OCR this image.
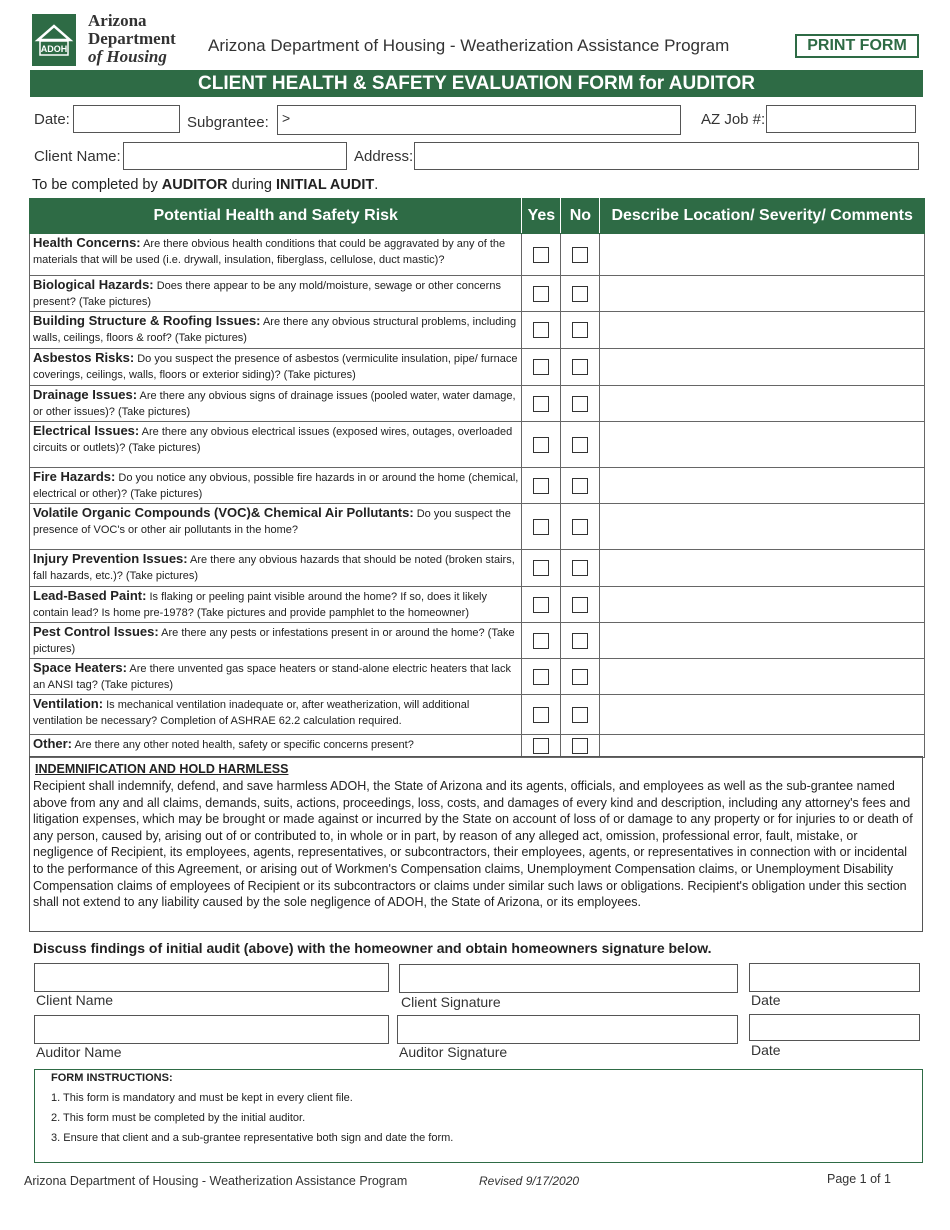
ADOH
Arizona
Department
of Housing
Arizona Department of Housing - Weatherization Assistance Program	PRINT FORM
CLIENT HEALTH & SAFETY EVALUATION FORM for AUDITOR
Date:	Subgrantee: >	AZ Job #:
Client Name:	Address:
To be completed by AUDITOR during INITIAL AUDIT.
Potential Health and Safety Risk	Yes	No	Describe Location/ Severity/ Comments
Health Concerns: Are there obvious health conditions that could be aggravated by any of the materials that will be used (i.e. drywall, insulation, fiberglass, cellulose, duct mastic)?			
Biological Hazards: Does there appear to be any mold/moisture, sewage or other concerns present? (Take pictures)			
Building Structure & Roofing Issues: Are there any obvious structural problems, including walls, ceilings, floors & roof? (Take pictures)			
Asbestos Risks: Do you suspect the presence of asbestos (vermiculite insulation, pipe/ furnace coverings, ceilings, walls, floors or exterior siding)? (Take pictures)			
Drainage Issues: Are there any obvious signs of drainage issues (pooled water, water damage, or other issues)? (Take pictures)			
Electrical Issues: Are there any obvious electrical issues (exposed wires, outages, overloaded circuits or outlets)? (Take pictures)			
Fire Hazards: Do you notice any obvious, possible fire hazards in or around the home (chemical, electrical or other)? (Take pictures)			
Volatile Organic Compounds (VOC)& Chemical Air Pollutants: Do you suspect the presence of VOC's or other air pollutants in the home?			
Injury Prevention Issues: Are there any obvious hazards that should be noted (broken stairs, fall hazards, etc.)? (Take pictures)			
Lead-Based Paint: Is flaking or peeling paint visible around the home? If so, does it likely contain lead? Is home pre-1978? (Take pictures and provide pamphlet to the homeowner)			
Pest Control Issues: Are there any pests or infestations present in or around the home? (Take pictures)			
Space Heaters: Are there unvented gas space heaters or stand-alone electric heaters that lack an ANSI tag? (Take pictures)			
Ventilation: Is mechanical ventilation inadequate or, after weatherization, will additional ventilation be necessary? Completion of ASHRAE 62.2 calculation required.			
Other: Are there any other noted health, safety or specific concerns present?			
INDEMNIFICATION AND HOLD HARMLESS
Recipient shall indemnify, defend, and save harmless ADOH, the State of Arizona and its agents, officials, and employees as well as the sub-grantee named above from any and all claims, demands, suits, actions, proceedings, loss, costs, and damages of every kind and description, including any attorney's fees and litigation expenses, which may be brought or made against or incurred by the State on account of loss of or damage to any property or for injuries to or death of any person, caused by, arising out of or contributed to, in whole or in part, by reason of any alleged act, omission, professional error, fault, mistake, or negligence of Recipient, its employees, agents, representatives, or subcontractors, their employees, agents, or representatives in connection with or incidental to the performance of this Agreement, or arising out of Workmen's Compensation claims, Unemployment Compensation claims, or Unemployment Disability Compensation claims of employees of Recipient or its subcontractors or claims under similar such laws or obligations. Recipient's obligation under this section shall not extend to any liability caused by the sole negligence of ADOH, the State of Arizona, or its employees.
Discuss findings of initial audit (above) with the homeowner and obtain homeowners signature below.
Client Name	Client Signature	Date
Auditor Name	Auditor Signature	Date
FORM INSTRUCTIONS:
1. This form is mandatory and must be kept in every client file.
2. This form must be completed by the initial auditor.
3. Ensure that client and a sub-grantee representative both sign and date the form.
Arizona Department of Housing - Weatherization Assistance Program	Revised 9/17/2020	Page 1 of 1
